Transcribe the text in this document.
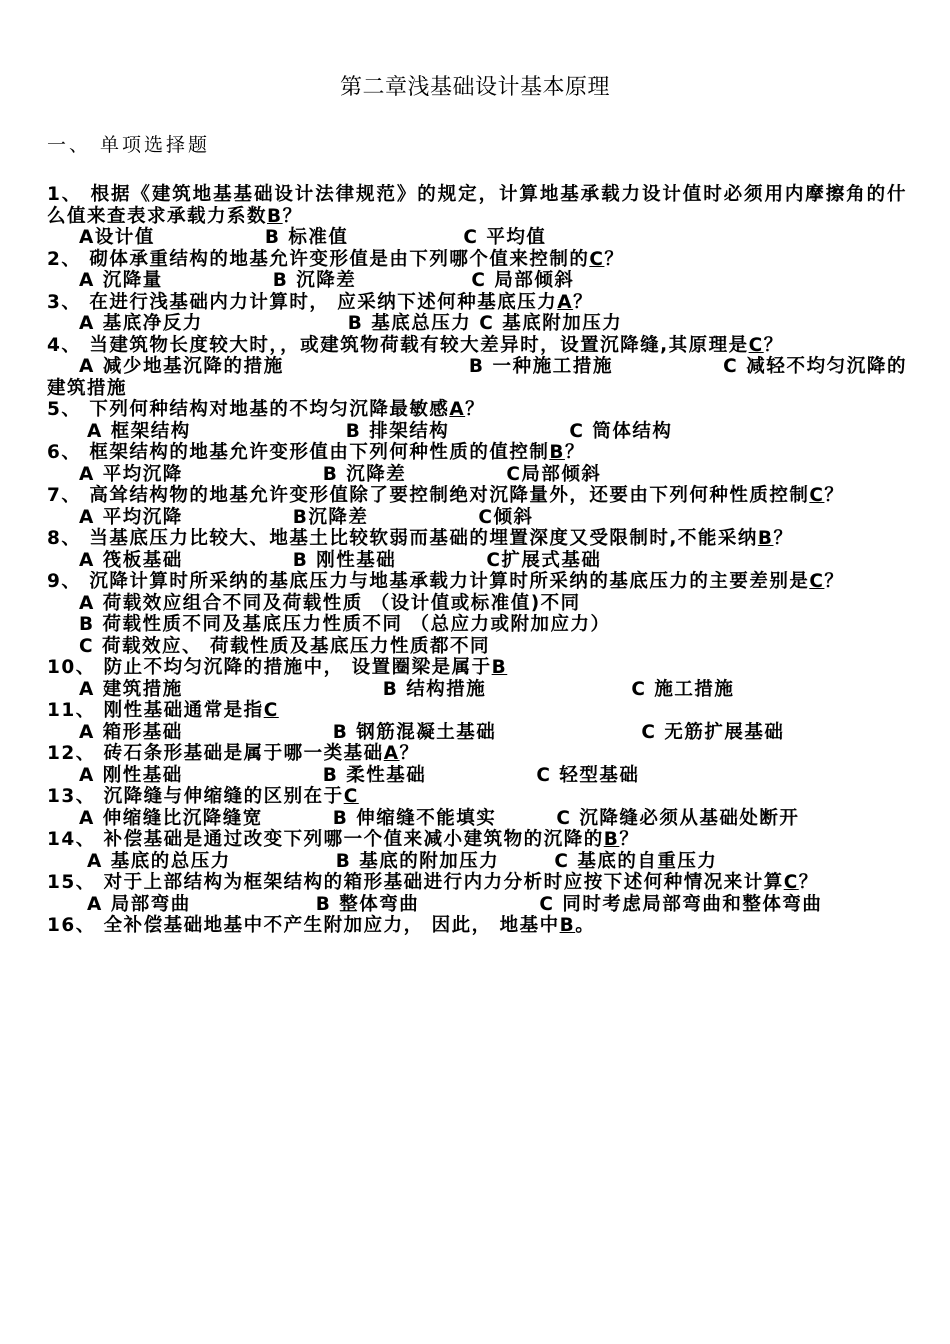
第二章浅基础设计基本原理
一、 单项选择题

1、 根据《建筑地基基础设计法律规范》的规定，计算地基承载力设计值时必须用内摩擦角的什么值来查表求承载力系数B？

A设计值	B 标准值	C 平均值

2、 砌体承重结构的地基允许变形值是由下列哪个值来控制的C？

A 沉降量	B 沉降差	C 局部倾斜

3、 在进行浅基础内力计算时， 应采纳下述何种基底压力A？

A 基底净反力	B 基底总压力 C 基底附加压力

4、 当建筑物长度较大时，，或建筑物荷载有较大差异时，设置沉降缝,其原理是C？

A 减少地基沉降的措施	B 一种施工措施	C 减轻不均匀沉降的建筑措施

5、 下列何种结构对地基的不均匀沉降最敏感A？

A 框架结构	B 排架结构	C 筒体结构

6、 框架结构的地基允许变形值由下列何种性质的值控制B？

A 平均沉降	B 沉降差	C局部倾斜

7、 高耸结构物的地基允许变形值除了要控制绝对沉降量外，还要由下列何种性质控制C？

A 平均沉降	B沉降差	C倾斜

8、 当基底压力比较大、地基土比较软弱而基础的埋置深度又受限制时,不能采纳B？

A 筏板基础	B 刚性基础	C扩展式基础

9、 沉降计算时所采纳的基底压力与地基承载力计算时所采纳的基底压力的主要差别是C？

A 荷载效应组合不同及荷载性质 （设计值或标准值)不同

B 荷载性质不同及基底压力性质不同 （总应力或附加应力）

C 荷载效应、 荷载性质及基底压力性质都不同

10、 防止不均匀沉降的措施中， 设置圈梁是属于B

A 建筑措施	B 结构措施	C 施工措施

11、 刚性基础通常是指C

A 箱形基础	B 钢筋混凝土基础	C 无筋扩展基础

12、 砖石条形基础是属于哪一类基础A？

A 刚性基础	B 柔性基础	C 轻型基础

13、 沉降缝与伸缩缝的区别在于C

A 伸缩缝比沉降缝宽	B 伸缩缝不能填实	C 沉降缝必须从基础处断开

14、 补偿基础是通过改变下列哪一个值来减小建筑物的沉降的B？

A 基底的总压力	B 基底的附加压力	C 基底的自重压力

15、 对于上部结构为框架结构的箱形基础进行内力分析时应按下述何种情况来计算C？

A 局部弯曲	B 整体弯曲	C 同时考虑局部弯曲和整体弯曲

16、 全补偿基础地基中不产生附加应力， 因此， 地基中B。
